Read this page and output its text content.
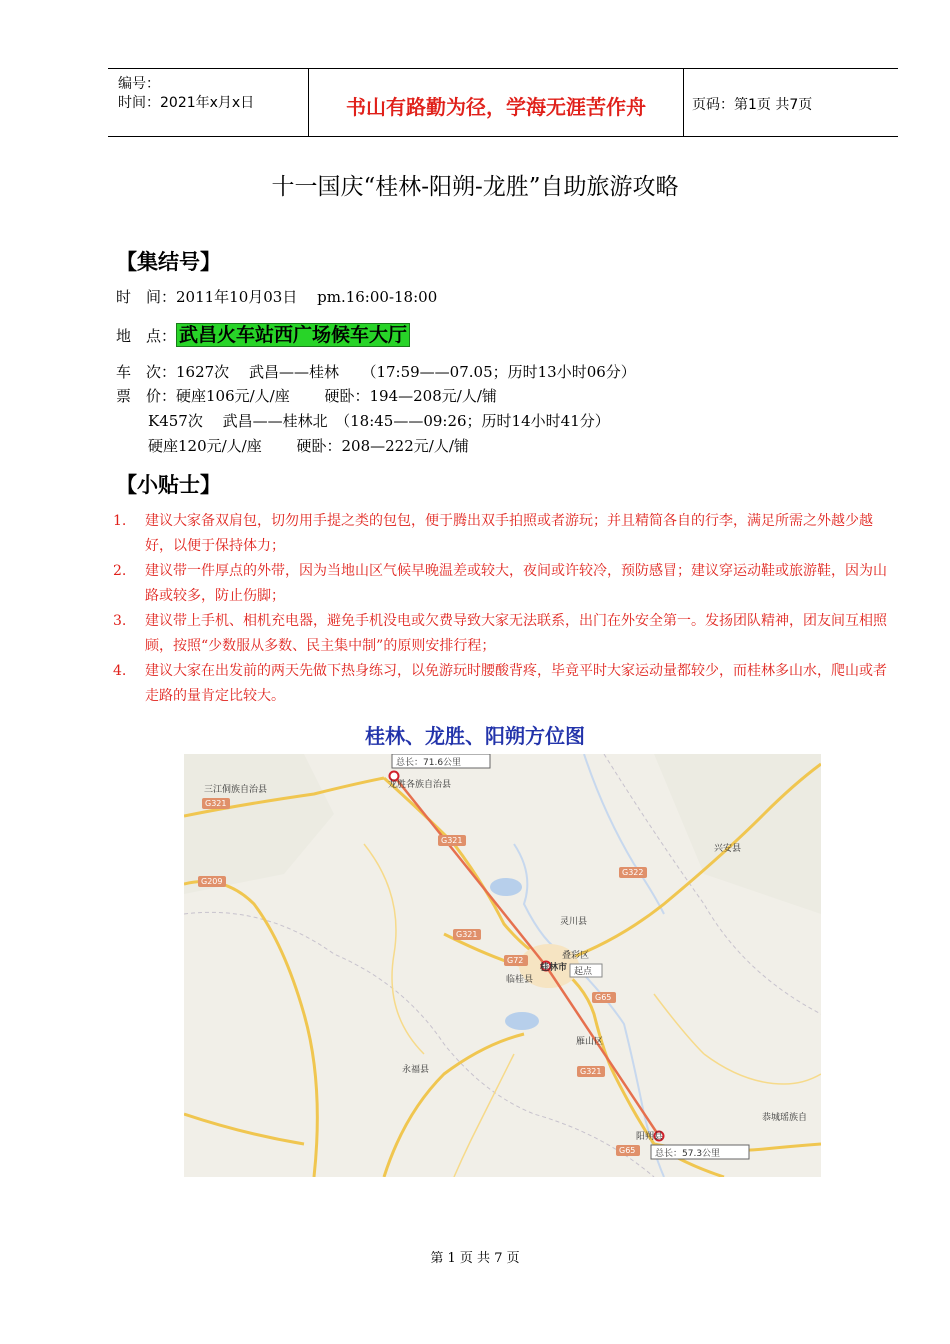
编号：
时间：2021年x月x日	书山有路勤为径，学海无涯苦作舟	页码：第1页 共7页
十一国庆“桂林-阳朔-龙胜”自助旅游攻略
【集结号】
时　间：2011年10月03日　 pm.16:00-18:00
地　点： 武昌火车站西广场候车大厅
车　次：1627次　 武昌——桂林　　（17:59——07.05；历时13小时06分）
票　价：硬座106元/人/座　　 硬卧：194—208元/人/铺
K457次　 武昌——桂林北　（18:45——09:26；历时14小时41分）
硬座120元/人/座　　 硬卧：208—222元/人/铺
【小贴士】
1. 建议大家备双肩包，切勿用手提之类的包包，便于腾出双手拍照或者游玩；并且精简各自的行李，满足所需之外越少越好，以便于保持体力；
2. 建议带一件厚点的外带，因为当地山区气候早晚温差或较大，夜间或许较冷，预防感冒；建议穿运动鞋或旅游鞋，因为山路或较多，防止伤脚；
3. 建议带上手机、相机充电器，避免手机没电或欠费导致大家无法联系，出门在外安全第一。发扬团队精神，团友间互相照顾，按照“少数服从多数、民主集中制”的原则安排行程；
4. 建议大家在出发前的两天先做下热身练习，以免游玩时腰酸背疼，毕竟平时大家运动量都较少，而桂林多山水，爬山或者走路的量肯定比较大。
桂林、龙胜、阳朔方位图
总长：71.6公里
总长：57.3公里
起点
三江侗族自治县	龙胜各族自治县
兴安县
灵川县
叠彩区
桂林市
临桂县
雁山区
永福县
阳朔县
恭城瑶族自
G321
G209
G321
G322
G321
G72
G65
G321
G65
第 1 页 共 7 页
